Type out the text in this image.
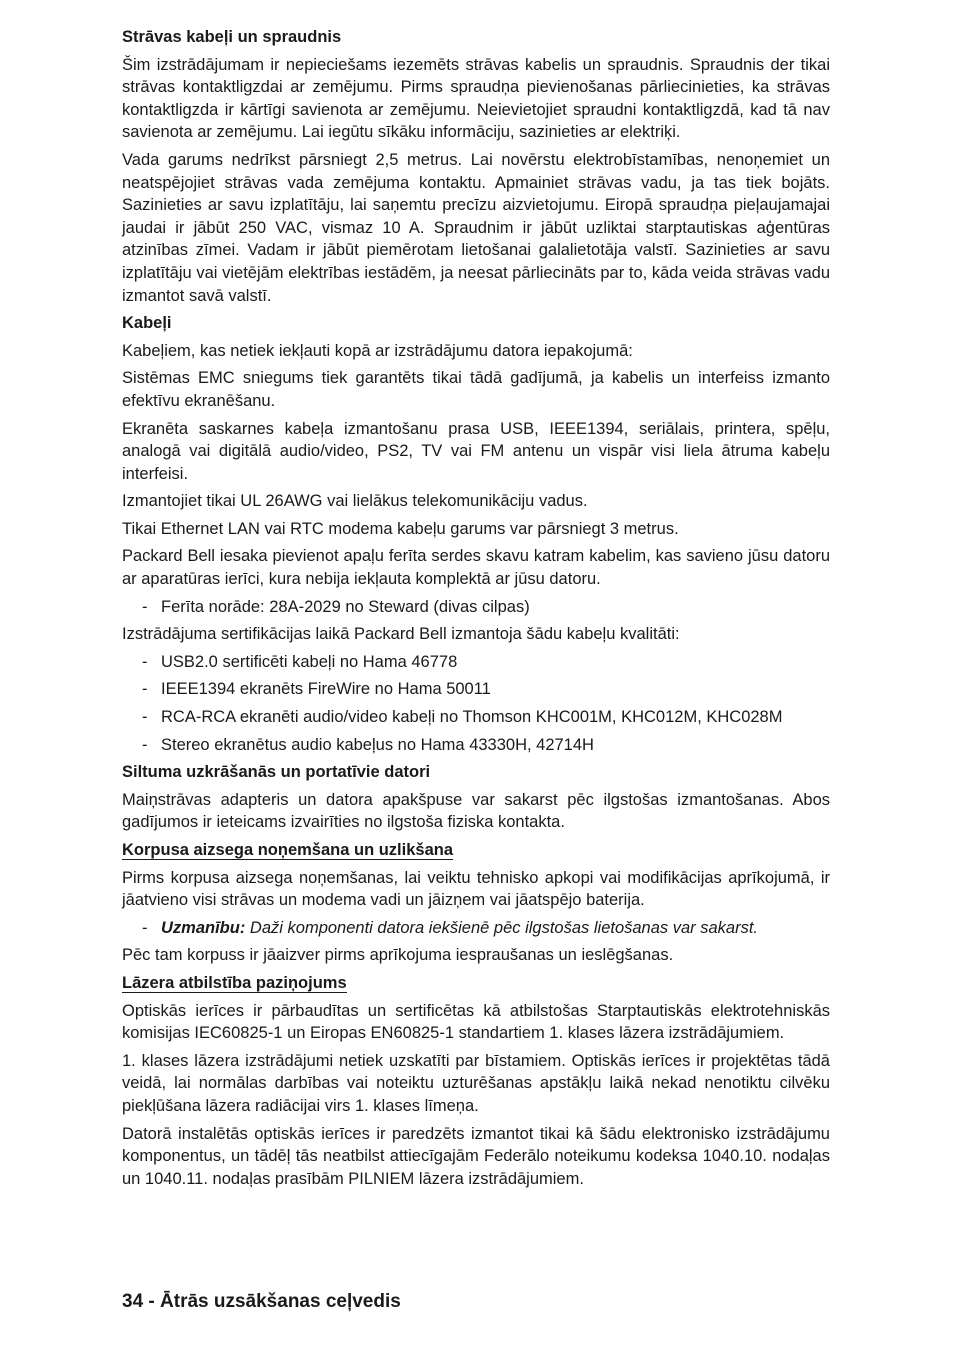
Strāvas kabeļi un spraudnis

Šim izstrādājumam ir nepieciešams iezemēts strāvas kabelis un spraudnis. Spraudnis der tikai strāvas kontaktligzdai ar zemējumu. Pirms spraudņa pievienošanas pārliecinieties, ka strāvas kontaktligzda ir kārtīgi savienota ar zemējumu. Neievietojiet spraudni kontaktligzdā, kad tā nav savienota ar zemējumu. Lai iegūtu sīkāku informāciju, sazinieties ar elektriķi.

Vada garums nedrīkst pārsniegt 2,5 metrus. Lai novērstu elektrobīstamības, nenoņemiet un neatspējojiet strāvas vada zemējuma kontaktu. Apmainiet strāvas vadu, ja tas tiek bojāts. Sazinieties ar savu izplatītāju, lai saņemtu precīzu aizvietojumu. Eiropā spraudņa pieļaujamajai jaudai ir jābūt 250 VAC, vismaz 10 A. Spraudnim ir jābūt uzliktai starptautiskas aģentūras atzinības zīmei. Vadam ir jābūt piemērotam lietošanai galalietotāja valstī. Sazinieties ar savu izplatītāju vai vietējām elektrības iestādēm, ja neesat pārliecināts par to, kāda veida strāvas vadu izmantot savā valstī.

Kabeļi

Kabeļiem, kas netiek iekļauti kopā ar izstrādājumu datora iepakojumā:

Sistēmas EMC sniegums tiek garantēts tikai tādā gadījumā, ja kabelis un interfeiss izmanto efektīvu ekranēšanu.

Ekranēta saskarnes kabeļa izmantošanu prasa USB, IEEE1394, seriālais, printera, spēļu, analogā vai digitālā audio/video, PS2, TV vai FM antenu un vispār visi liela ātruma kabeļu interfeisi.

Izmantojiet tikai UL 26AWG vai lielākus telekomunikāciju vadus.

Tikai Ethernet LAN vai RTC modema kabeļu garums var pārsniegt 3 metrus.

Packard Bell iesaka pievienot apaļu ferīta serdes skavu katram kabelim, kas savieno jūsu datoru ar aparatūras ierīci, kura nebija iekļauta komplektā ar jūsu datoru.

- Ferīta norāde: 28A-2029 no Steward (divas cilpas)

Izstrādājuma sertifikācijas laikā Packard Bell izmantoja šādu kabeļu kvalitāti:

- USB2.0 sertificēti kabeļi no Hama 46778
- IEEE1394 ekranēts FireWire no Hama 50011
- RCA-RCA ekranēti audio/video kabeļi no Thomson KHC001M, KHC012M, KHC028M
- Stereo ekranētus audio kabeļus no Hama 43330H, 42714H
Siltuma uzkrāšanās un portatīvie datori

Maiņstrāvas adapteris un datora apakšpuse var sakarst pēc ilgstošas izmantošanas. Abos gadījumos ir ieteicams izvairīties no ilgstoša fiziska kontakta.

Korpusa aizsega noņemšana un uzlikšana

Pirms korpusa aizsega noņemšanas, lai veiktu tehnisko apkopi vai modifikācijas aprīkojumā, ir jāatvieno visi strāvas un modema vadi un jāizņem vai jāatspējo baterija.

- Uzmanību: Daži komponenti datora iekšienē pēc ilgstošas lietošanas var sakarst.

Pēc tam korpuss ir jāaizver pirms aprīkojuma iespraušanas un ieslēgšanas.

Lāzera atbilstība paziņojums

Optiskās ierīces ir pārbaudītas un sertificētas kā atbilstošas Starptautiskās elektrotehniskās komisijas IEC60825-1 un Eiropas EN60825-1 standartiem 1. klases lāzera izstrādājumiem.

1. klases lāzera izstrādājumi netiek uzskatīti par bīstamiem. Optiskās ierīces ir projektētas tādā veidā, lai normālas darbības vai noteiktu uzturēšanas apstākļu laikā nekad nenotiktu cilvēku piekļūšana lāzera radiācijai virs 1. klases līmeņa.

Datorā instalētās optiskās ierīces ir paredzēts izmantot tikai kā šādu elektronisko izstrādājumu komponentus, un tādēļ tās neatbilst attiecīgajām Federālo noteikumu kodeksa 1040.10. nodaļas un 1040.11. nodaļas prasībām PILNIEM lāzera izstrādājumiem.

34 - Ātrās uzsākšanas ceļvedis
